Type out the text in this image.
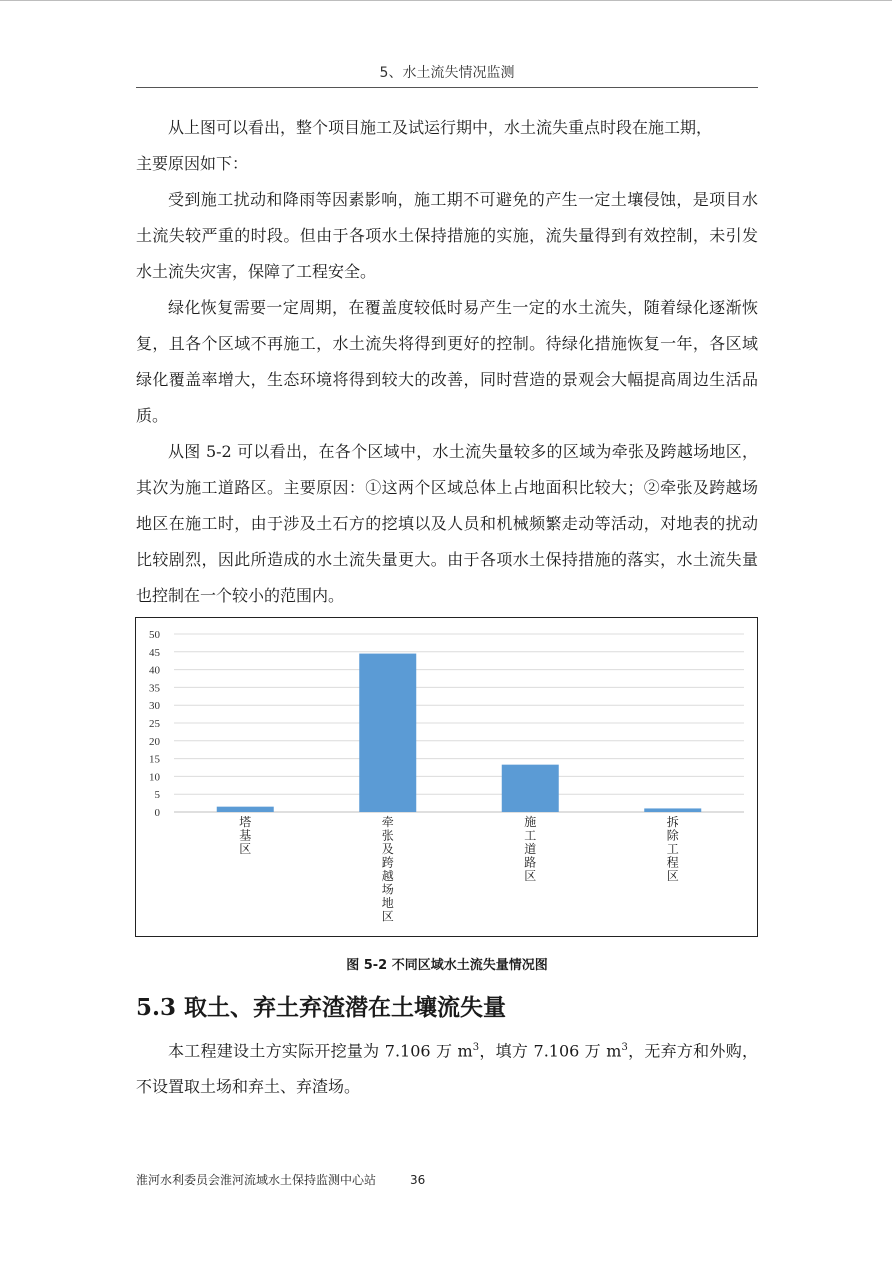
5、水土流失情况监测

从上图可以看出，整个项目施工及试运行期中，水土流失重点时段在施工期，

主要原因如下：

受到施工扰动和降雨等因素影响，施工期不可避免的产生一定土壤侵蚀，是项目水土流失较严重的时段。但由于各项水土保持措施的实施，流失量得到有效控制，未引发水土流失灾害，保障了工程安全。

绿化恢复需要一定周期，在覆盖度较低时易产生一定的水土流失，随着绿化逐渐恢复，且各个区域不再施工，水土流失将得到更好的控制。待绿化措施恢复一年，各区域绿化覆盖率增大，生态环境将得到较大的改善，同时营造的景观会大幅提高周边生活品质。

从图 5-2 可以看出，在各个区域中，水土流失量较多的区域为牵张及跨越场地区，其次为施工道路区。主要原因：①这两个区域总体上占地面积比较大；②牵张及跨越场地区在施工时，由于涉及土石方的挖填以及人员和机械频繁走动等活动，对地表的扰动比较剧烈，因此所造成的水土流失量更大。由于各项水土保持措施的落实，水土流失量也控制在一个较小的范围内。

0
5
10
15
20
25
30
35
40
45
50
塔基区
牵张及跨越场地区
施工道路区
拆除工程区
图 5-2 不同区域水土流失量情况图
5.3 取土、弃土弃渣潜在土壤流失量

本工程建设土方实际开挖量为 7.106 万 $m^3$，填方 7.106 万 $m^3$，无弃方和外购，不设置取土场和弃土、弃渣场。

淮河水利委员会淮河流域水土保持监测中心站	36
